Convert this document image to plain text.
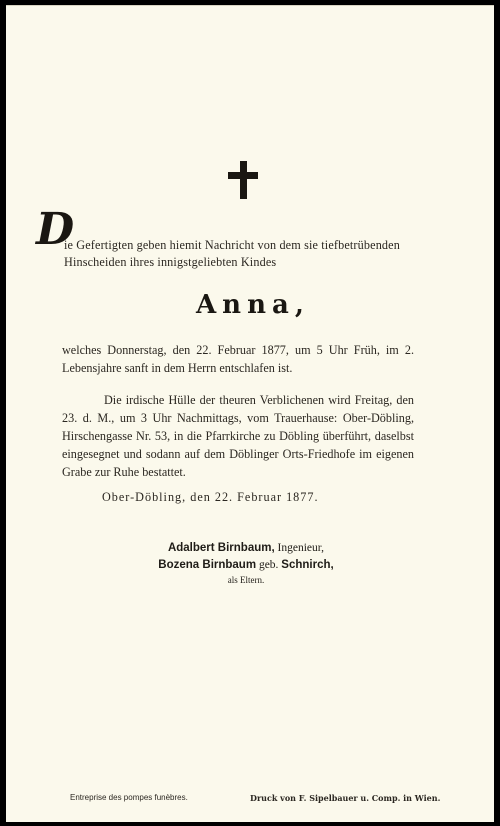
D
ie Gefertigten geben hiemit Nachricht von dem sie tiefbetrübenden
Hinscheiden ihres innigstgeliebten Kindes
Anna,
welches Donnerstag, den 22. Februar 1877, um 5 Uhr Früh, im 2. Lebensjahre sanft in dem Herrn entschlafen ist.
Die irdische Hülle der theuren Verblichenen wird Freitag, den 23. d. M., um 3 Uhr Nachmittags, vom Trauerhause: Ober-Döbling, Hirschengasse Nr. 53, in die Pfarrkirche zu Döbling überführt, daselbst eingesegnet und sodann auf dem Döblinger Orts-Friedhofe im eigenen Grabe zur Ruhe bestattet.
Ober-Döbling, den 22. Februar 1877.
Adalbert Birnbaum, Ingenieur,
Bozena Birnbaum geb. Schnirch,
als Eltern.
Entreprise des pompes funèbres.	Druck von F. Sipelbauer u. Comp. in Wien.
